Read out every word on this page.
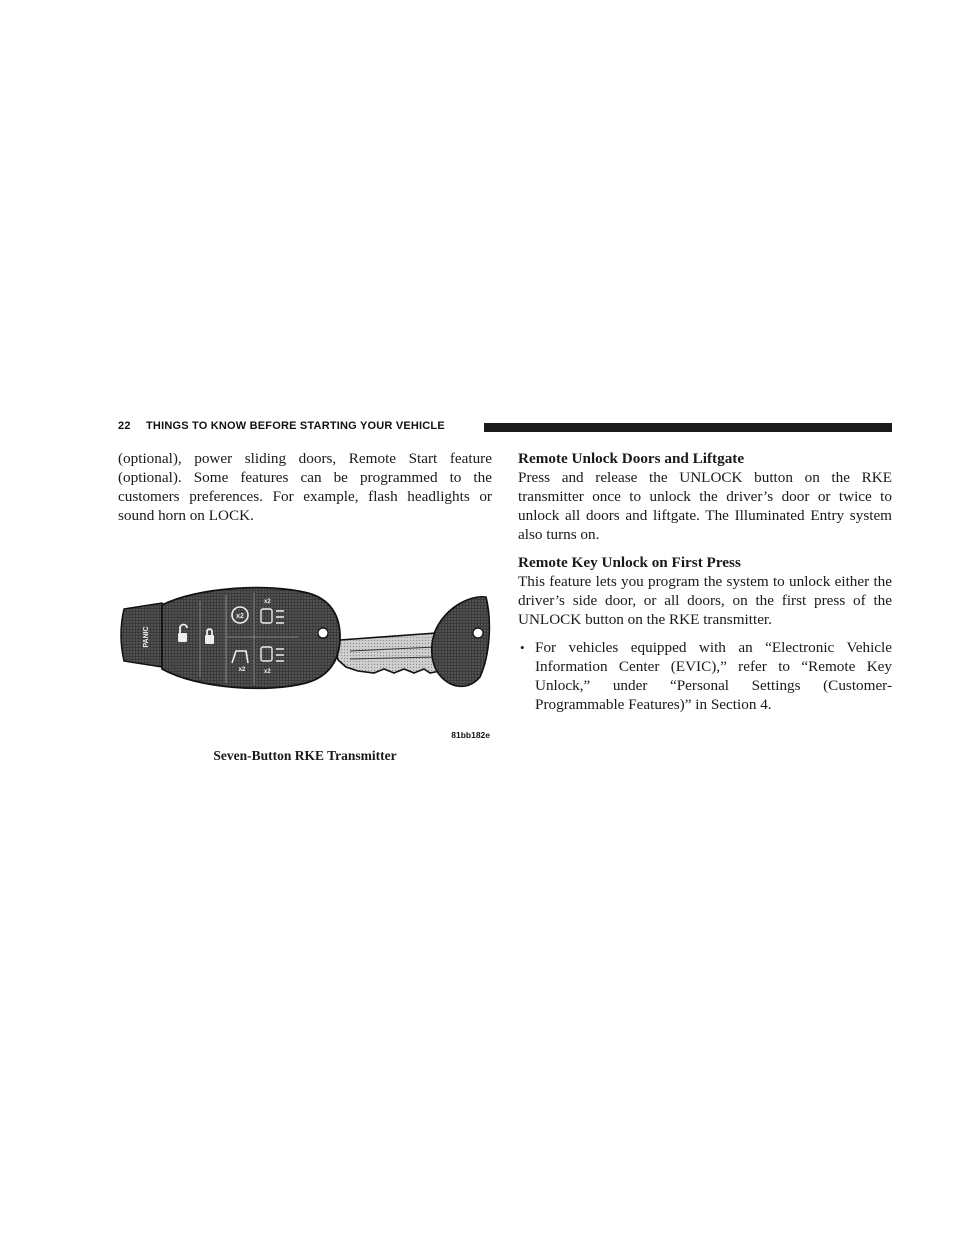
22 THINGS TO KNOW BEFORE STARTING YOUR VEHICLE

(optional), power sliding doors, Remote Start feature (optional). Some features can be programmed to the customers preferences. For example, flash headlights or sound horn on LOCK.

PANIC
x2
x2
x2
x2
81bb182e
Seven-Button RKE Transmitter
Remote Unlock Doors and Liftgate

Press and release the UNLOCK button on the RKE transmitter once to unlock the driver’s door or twice to unlock all doors and liftgate. The Illuminated Entry system also turns on.

Remote Key Unlock on First Press

This feature lets you program the system to unlock either the driver’s side door, or all doors, on the first press of the UNLOCK button on the RKE transmitter.

• For vehicles equipped with an “Electronic Vehicle Information Center (EVIC),” refer to “Remote Key Unlock,” under “Personal Settings (Customer-Programmable Features)” in Section 4.
